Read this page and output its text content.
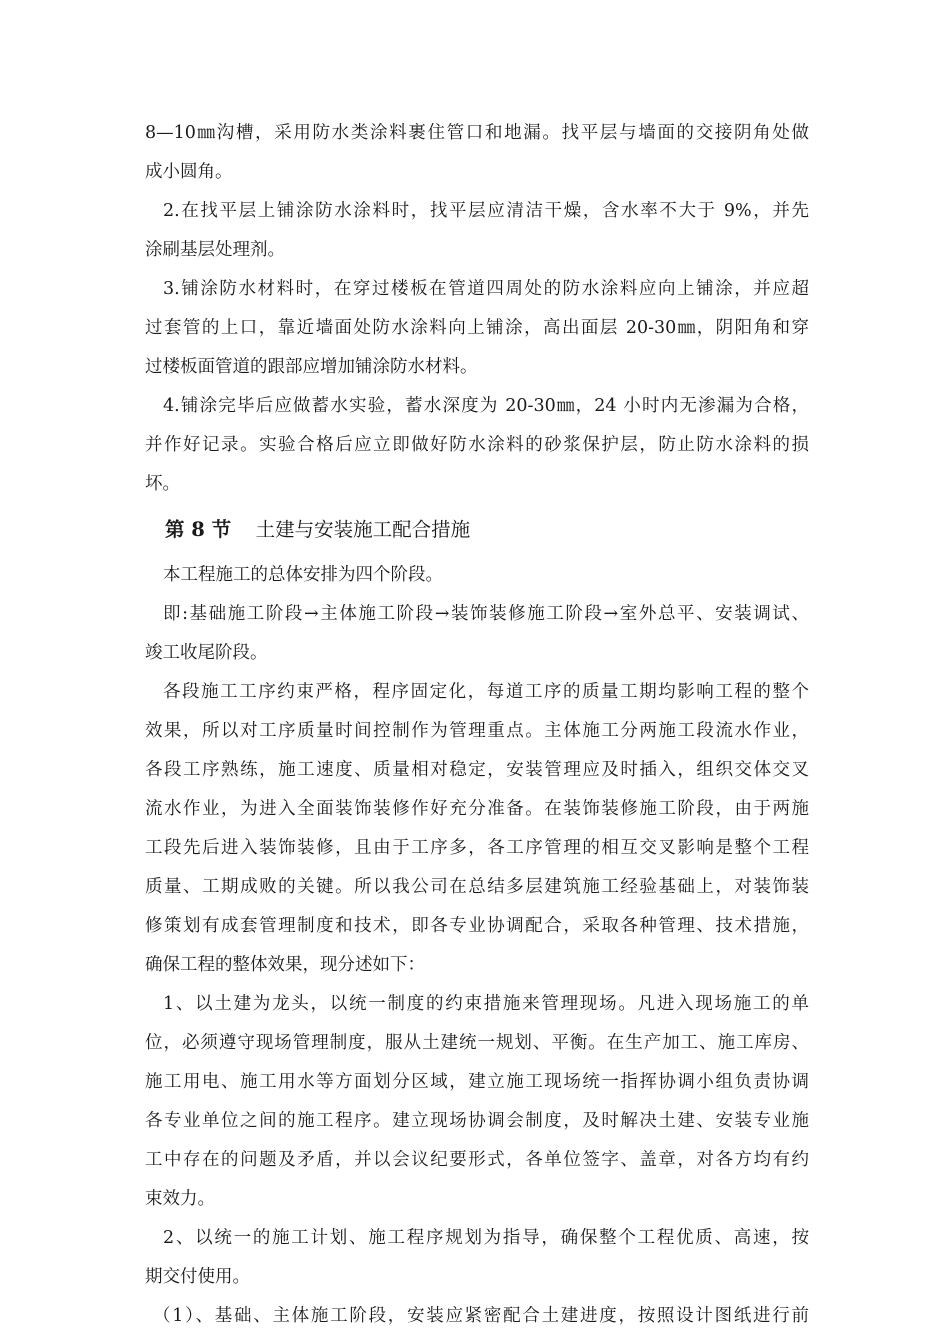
8—10㎜沟槽，采用防水类涂料裹住管口和地漏。找平层与墙面的交接阴角处做
成小圆角。
2.在找平层上铺涂防水涂料时，找平层应清洁干燥，含水率不大于 9%，并先
涂刷基层处理剂。
3.铺涂防水材料时，在穿过楼板在管道四周处的防水涂料应向上铺涂，并应超
过套管的上口，靠近墙面处防水涂料向上铺涂，高出面层 20-30㎜，阴阳角和穿
过楼板面管道的跟部应增加铺涂防水材料。
4.铺涂完毕后应做蓄水实验，蓄水深度为 20-30㎜，24 小时内无渗漏为合格，
并作好记录。实验合格后应立即做好防水涂料的砂浆保护层，防止防水涂料的损
坏。
第 8 节 土建与安装施工配合措施
本工程施工的总体安排为四个阶段。
即:基础施工阶段→主体施工阶段→装饰装修施工阶段→室外总平、安装调试、
竣工收尾阶段。
各段施工工序约束严格，程序固定化，每道工序的质量工期均影响工程的整个
效果，所以对工序质量时间控制作为管理重点。主体施工分两施工段流水作业，
各段工序熟练，施工速度、质量相对稳定，安装管理应及时插入，组织交体交叉
流水作业，为进入全面装饰装修作好充分准备。在装饰装修施工阶段，由于两施
工段先后进入装饰装修，且由于工序多，各工序管理的相互交叉影响是整个工程
质量、工期成败的关键。所以我公司在总结多层建筑施工经验基础上，对装饰装
修策划有成套管理制度和技术，即各专业协调配合，采取各种管理、技术措施，
确保工程的整体效果，现分述如下：
1、以土建为龙头，以统一制度的约束措施来管理现场。凡进入现场施工的单
位，必须遵守现场管理制度，服从土建统一规划、平衡。在生产加工、施工库房、
施工用电、施工用水等方面划分区域，建立施工现场统一指挥协调小组负责协调
各专业单位之间的施工程序。建立现场协调会制度，及时解决土建、安装专业施
工中存在的问题及矛盾，并以会议纪要形式，各单位签字、盖章，对各方均有约
束效力。
2、以统一的施工计划、施工程序规划为指导，确保整个工程优质、高速，按
期交付使用。
（1）、基础、主体施工阶段，安装应紧密配合土建进度，按照设计图纸进行前
